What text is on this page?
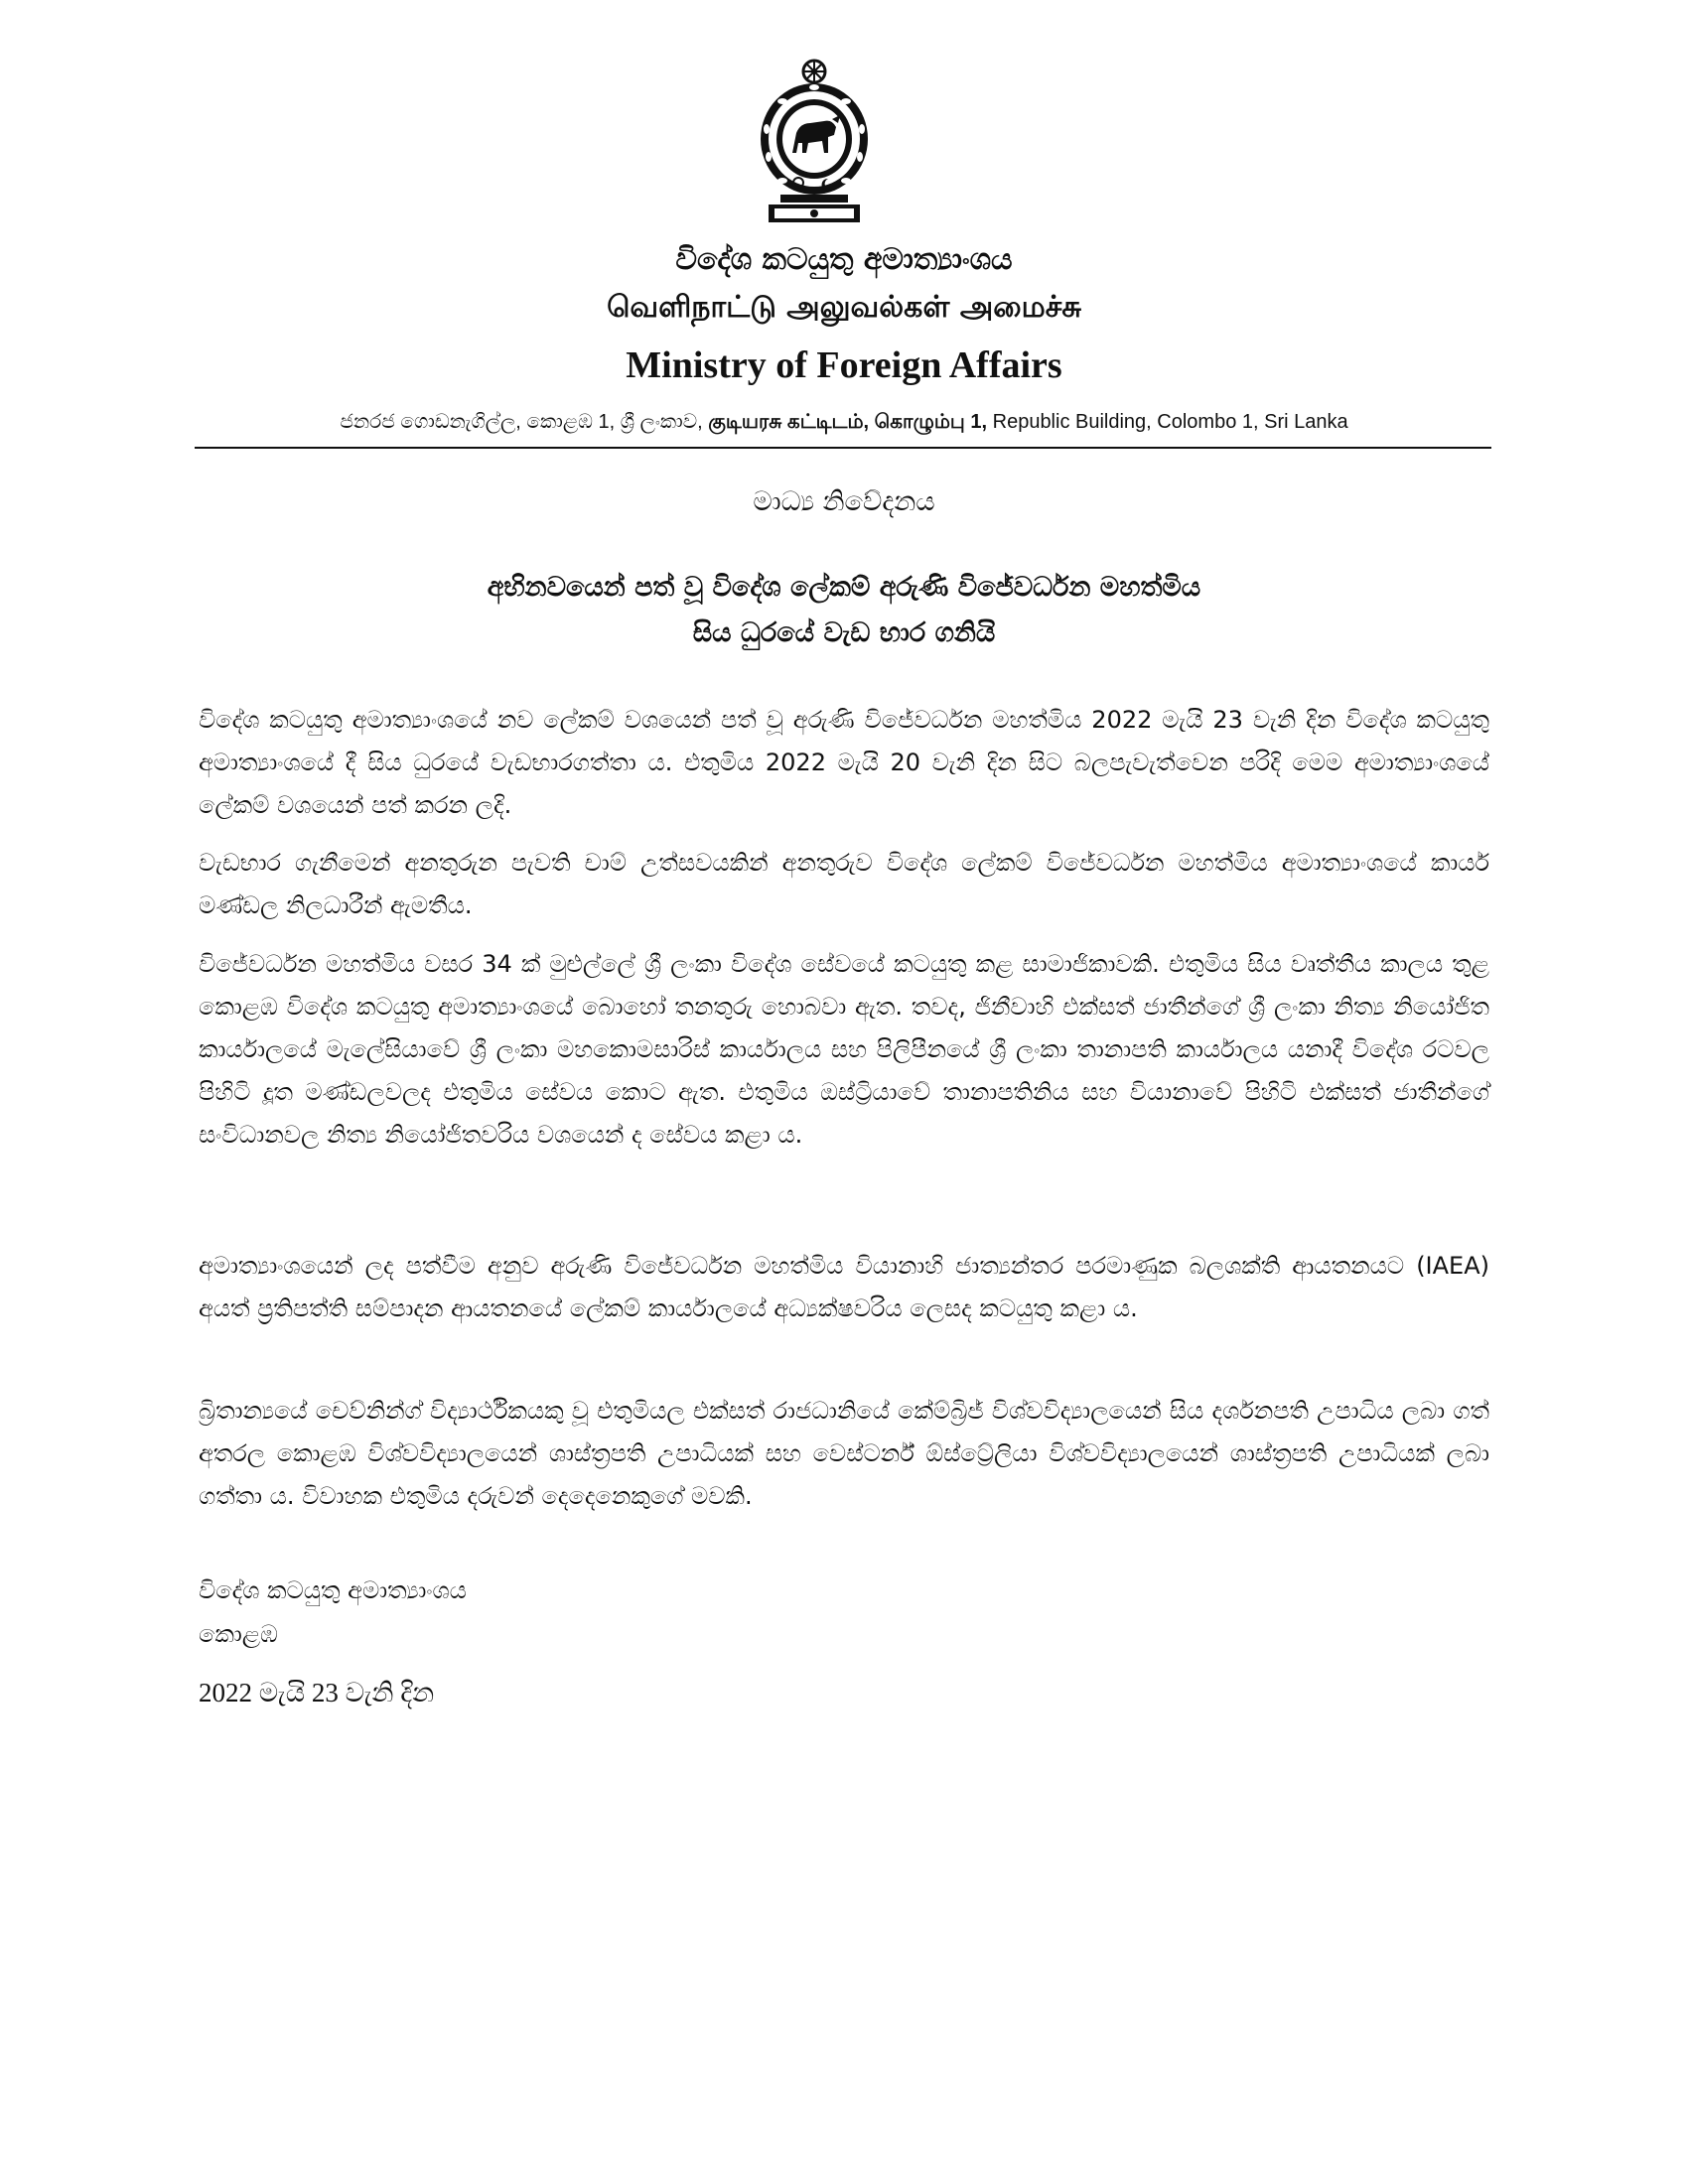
විදේශ කටයුතු අමාත්‍යාංශය
வெளிநாட்டு அலுவல்கள் அமைச்சு
Ministry of Foreign Affairs
ජනරජ ගොඩනැගිල්ල, කොළඹ 1, ශ්‍රී ලංකාව, குடியரசு கட்டிடம், கொழும்பு 1, Republic Building, Colombo 1, Sri Lanka
මාධ්‍ය නිවේදනය
අභිනවයෙන් පත් වූ විදේශ ලේකම් අරුණි විජේවර්ධන මහත්මිය
සිය ධුරයේ වැඩ භාර ගනියි

විදේශ කටයුතු අමාත්‍යාංශයේ නව ලේකම් වශයෙන් පත් වූ අරුණි විජේවර්ධන මහත්මිය 2022 මැයි 23 වැනි දින විදේශ කටයුතු අමාත්‍යාංශයේ දී සිය ධුරයේ වැඩභාරගත්තා ය. එතුමිය 2022 මැයි 20 වැනි දින සිට බලපැවැත්වෙන පරිදි මෙම අමාත්‍යාංශයේ ලේකම් වශයෙන් පත් කරන ලදි.

වැඩභාර ගැනීමෙන් අනතුරුන පැවති චාම් උත්සවයකින් අනතුරුව විදේශ ලේකම් විජේවර්ධන මහත්මිය අමාත්‍යාංශයේ කාර්ය මණ්ඩල නිලධාරීන් ඇමතීය.

විජේවර්ධන මහත්මිය වසර 34 ක් මුළුල්ලේ ශ්‍රී ලංකා විදේශ සේවයේ කටයුතු කළ සාමාජිකාවකි. එතුමිය සිය වෘත්තීය කාලය තුළ කොළඹ විදේශ කටයුතු අමාත්‍යාංශයේ බොහෝ තනතුරු හොබවා ඇත. තවද, ජිනීවාහි එක්සත් ජාතීන්ගේ ශ්‍රී ලංකා නිත්‍ය නියෝජිත කාර්යාලයේ මැලේසියාවේ ශ්‍රී ලංකා මහකොමසාරිස් කාර්යාලය සහ පිලිපීනයේ ශ්‍රී ලංකා තානාපති කාර්යාලය යනාදී විදේශ රටවල පිහිටි දූත මණ්ඩලවලද එතුමිය සේවය කොට ඇත. එතුමිය ඔස්ට්‍රියාවේ තානාපතිනිය සහ වියානාවේ පිහිටි එක්සත් ජාතීන්ගේ සංවිධානවල නිත්‍ය නියෝජිතවරිය වශයෙන් ද සේවය කළා ය.

අමාත්‍යාංශයෙන් ලද පත්වීම අනුව අරුණි විජේවර්ධන මහත්මිය වියානාහි ජාත්‍යන්තර පරමාණුක බලශක්ති ආයතනයට (IAEA) අයත් ප්‍රතිපත්ති සම්පාදන ආයතනයේ ලේකම් කාර්යාලයේ අධ්‍යක්ෂවරිය ලෙසද කටයුතු කළා ය.

බ්‍රිතාන්‍යයේ චෙව්නින්ග් විද්‍යාර්ථිකයකු වූ එතුමියල එක්සත් රාජධානියේ කේම්බ්‍රිජ් විශ්වවිද්‍යාලයෙන් සිය දර්ශනපති උපාධිය ලබා ගත් අතරල කොළඹ විශ්වවිද්‍යාලයෙන් ශාස්ත්‍රපති උපාධියක් සහ වෙස්ටර්න් ඕස්ට්‍රේලියා විශ්වවිද්‍යාලයෙන් ශාස්ත්‍රපති උපාධියක් ලබා ගත්තා ය. විවාහක එතුමිය දරුවන් දෙදෙනෙකුගේ මවකි.

විදේශ කටයුතු අමාත්‍යාංශය
කොළඹ
2022 මැයි 23 වැනි දින
